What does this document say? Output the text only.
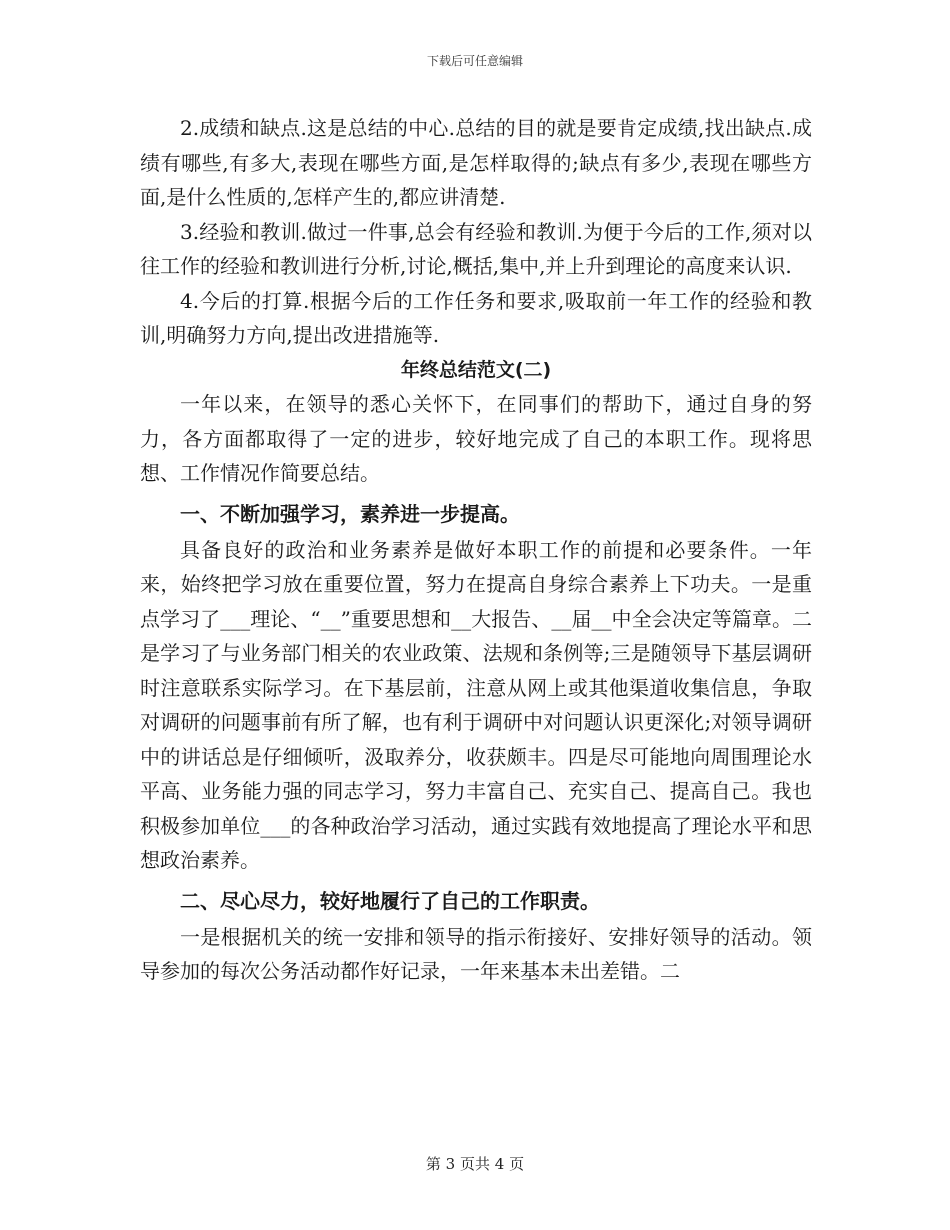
下载后可任意编辑

2.成绩和缺点.这是总结的中心.总结的目的就是要肯定成绩,找出缺点.成绩有哪些,有多大,表现在哪些方面,是怎样取得的;缺点有多少,表现在哪些方面,是什么性质的,怎样产生的,都应讲清楚.

3.经验和教训.做过一件事,总会有经验和教训.为便于今后的工作,须对以往工作的经验和教训进行分析,讨论,概括,集中,并上升到理论的高度来认识.

4.今后的打算.根据今后的工作任务和要求,吸取前一年工作的经验和教训,明确努力方向,提出改进措施等.

年终总结范文(二)

一年以来，在领导的悉心关怀下，在同事们的帮助下，通过自身的努力，各方面都取得了一定的进步，较好地完成了自己的本职工作。现将思想、工作情况作简要总结。

一、不断加强学习，素养进一步提高。

具备良好的政治和业务素养是做好本职工作的前提和必要条件。一年来，始终把学习放在重要位置，努力在提高自身综合素养上下功夫。一是重点学习了___理论、“__”重要思想和__大报告、__届__中全会决定等篇章。二是学习了与业务部门相关的农业政策、法规和条例等;三是随领导下基层调研时注意联系实际学习。在下基层前，注意从网上或其他渠道收集信息，争取对调研的问题事前有所了解，也有利于调研中对问题认识更深化;对领导调研中的讲话总是仔细倾听，汲取养分，收获颇丰。四是尽可能地向周围理论水平高、业务能力强的同志学习，努力丰富自己、充实自己、提高自己。我也积极参加单位___的各种政治学习活动，通过实践有效地提高了理论水平和思想政治素养。

二、尽心尽力，较好地履行了自己的工作职责。

一是根据机关的统一安排和领导的指示衔接好、安排好领导的活动。领导参加的每次公务活动都作好记录，一年来基本未出差错。二

第 3 页共 4 页
